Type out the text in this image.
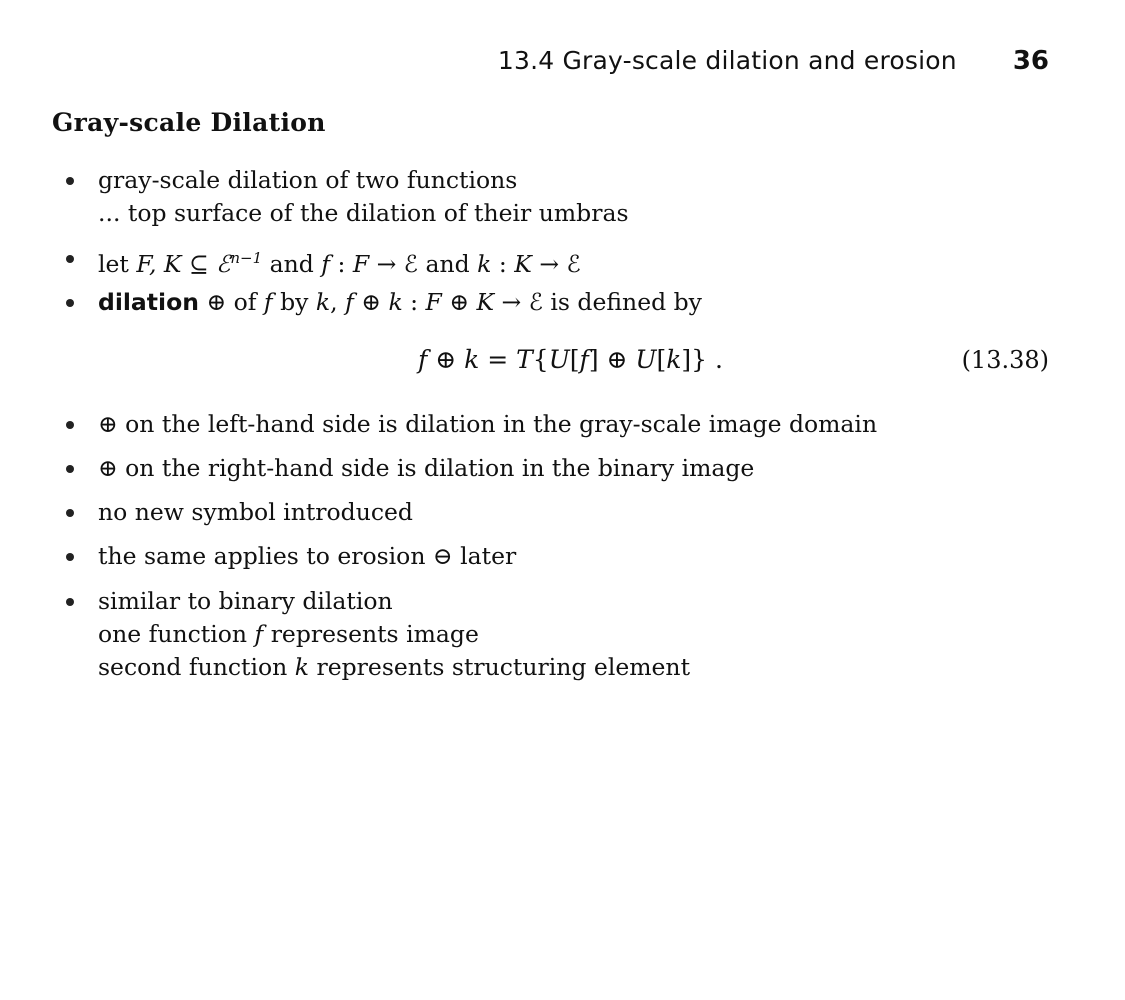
13.4 Gray-scale dilation and erosion 36
Gray-scale Dilation
gray-scale dilation of two functions
... top surface of the dilation of their umbras
let F, K ⊆ ℰ$^{n-1}$ and f : F → ℰ and k : K → ℰ
dilation ⊕ of f by k, f ⊕ k : F ⊕ K → ℰ is defined by
f ⊕ k = T{U[f] ⊕ U[k]} .	(13.38)
⊕ on the left-hand side is dilation in the gray-scale image domain
⊕ on the right-hand side is dilation in the binary image
no new symbol introduced
the same applies to erosion ⊖ later
similar to binary dilation
one function f represents image
second function k represents structuring element
